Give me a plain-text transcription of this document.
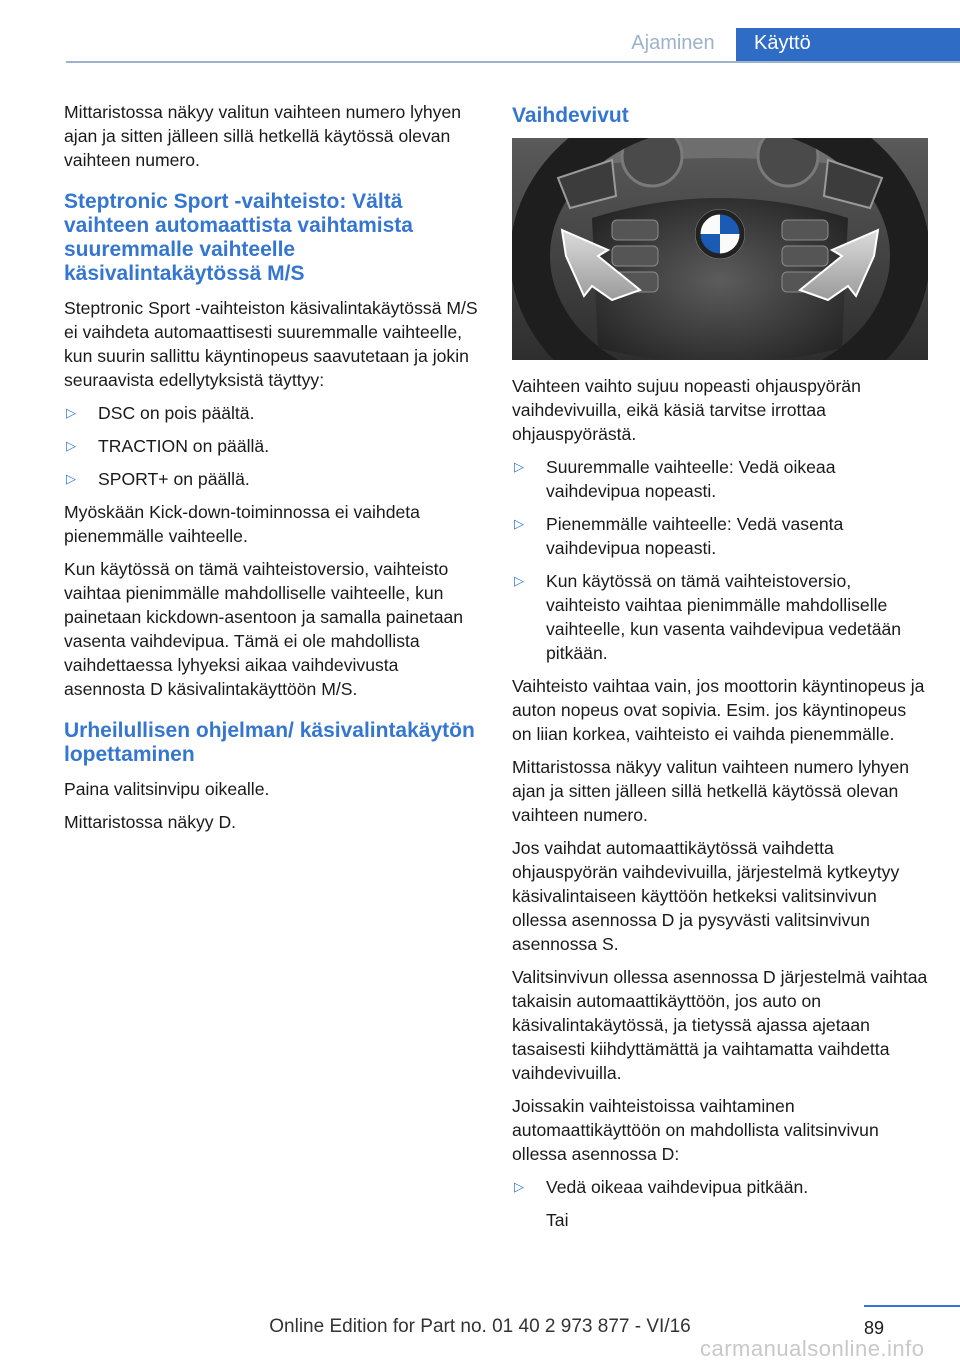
Ajaminen	Käyttö

Mittaristossa näkyy valitun vaihteen numero lyhyen ajan ja sitten jälleen sillä hetkellä käytössä olevan vaihteen numero.

Steptronic Sport -vaihteisto: Vältä vaihteen automaattista vaihtamista suuremmalle vaihteelle käsivalintakäytössä M/S

Steptronic Sport -vaihteiston käsivalintakäytössä M/S ei vaihdeta automaattisesti suuremmalle vaihteelle, kun suurin sallittu käyntinopeus saavutetaan ja jokin seuraavista edellytyksistä täyttyy:

▷ DSC on pois päältä.
▷ TRACTION on päällä.
▷ SPORT+ on päällä.

Myöskään Kick-down-toiminnossa ei vaihdeta pienemmälle vaihteelle.

Kun käytössä on tämä vaihteistoversio, vaihteisto vaihtaa pienimmälle mahdolliselle vaihteelle, kun painetaan kickdown-asentoon ja samalla painetaan vasenta vaihdevipua. Tämä ei ole mahdollista vaihdettaessa lyhyeksi aikaa vaihdevivusta asennosta D käsivalintakäyttöön M/S.

Urheilullisen ohjelman/ käsivalintakäytön lopettaminen

Paina valitsinvipu oikealle.

Mittaristossa näkyy D.

Vaihdevivut

Vaihteen vaihto sujuu nopeasti ohjauspyörän vaihdevivuilla, eikä käsiä tarvitse irrottaa ohjauspyörästä.

▷ Suuremmalle vaihteelle: Vedä oikeaa vaihdevipua nopeasti.
▷ Pienemmälle vaihteelle: Vedä vasenta vaihdevipua nopeasti.
▷ Kun käytössä on tämä vaihteistoversio, vaihteisto vaihtaa pienimmälle mahdolliselle vaihteelle, kun vasenta vaihdevipua vedetään pitkään.

Vaihteisto vaihtaa vain, jos moottorin käyntinopeus ja auton nopeus ovat sopivia. Esim. jos käyntinopeus on liian korkea, vaihteisto ei vaihda pienemmälle.

Mittaristossa näkyy valitun vaihteen numero lyhyen ajan ja sitten jälleen sillä hetkellä käytössä olevan vaihteen numero.

Jos vaihdat automaattikäytössä vaihdetta ohjauspyörän vaihdevivuilla, järjestelmä kytkeytyy käsivalintaiseen käyttöön hetkeksi valitsinvivun ollessa asennossa D ja pysyvästi valitsinvivun asennossa S.

Valitsinvivun ollessa asennossa D järjestelmä vaihtaa takaisin automaattikäyttöön, jos auto on käsivalintakäytössä, ja tietyssä ajassa ajetaan tasaisesti kiihdyttämättä ja vaihtamatta vaihdetta vaihdevivuilla.

Joissakin vaihteistoissa vaihtaminen automaattikäyttöön on mahdollista valitsinvivun ollessa asennossa D:

▷ Vedä oikeaa vaihdevipua pitkään.

Tai

89
Online Edition for Part no. 01 40 2 973 877 - VI/16
carmanualsonline.info
